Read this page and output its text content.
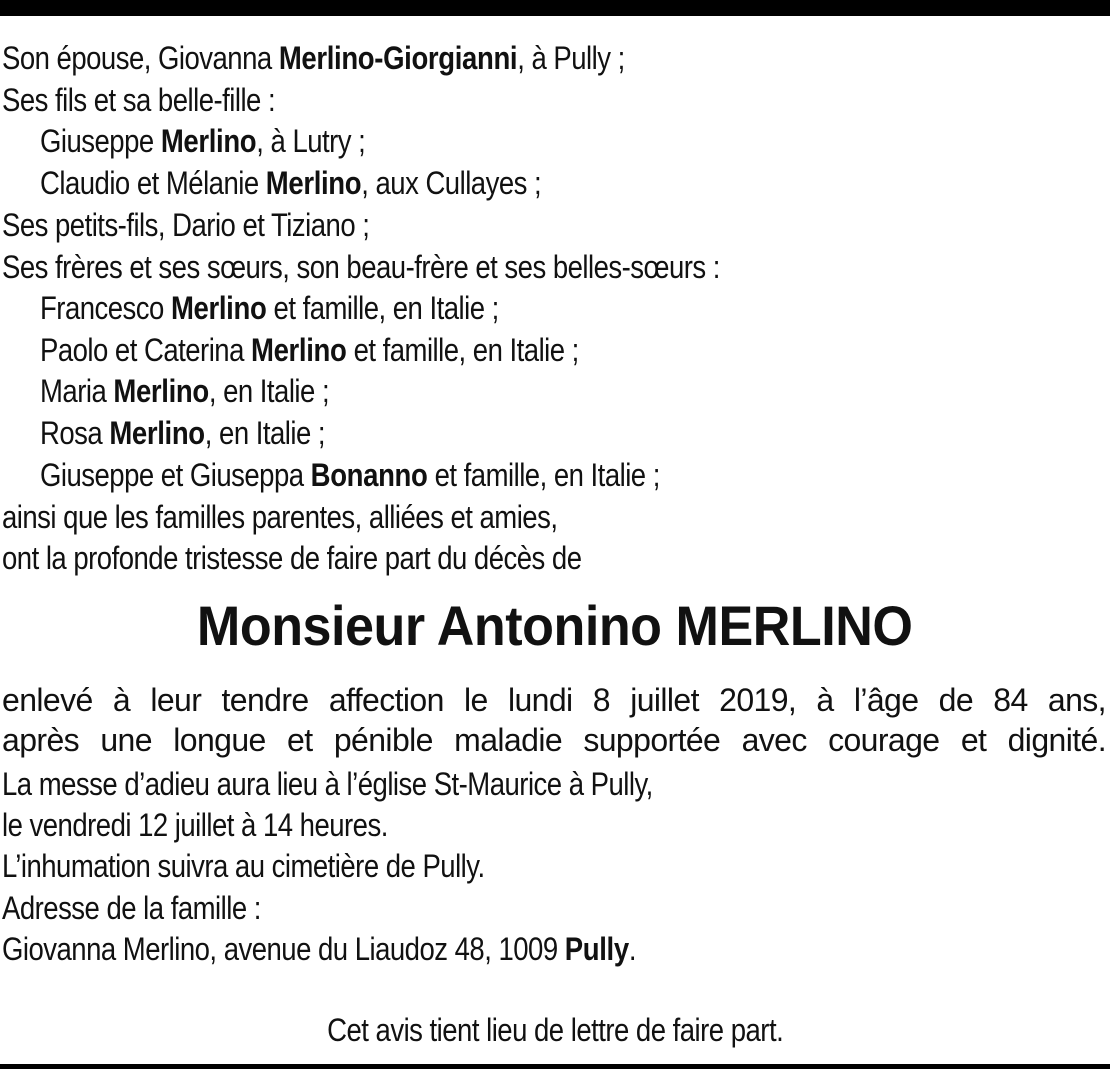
Son épouse, Giovanna Merlino-Giorgianni, à Pully ;
Ses fils et sa belle-fille :
Giuseppe Merlino, à Lutry ;
Claudio et Mélanie Merlino, aux Cullayes ;
Ses petits-fils, Dario et Tiziano ;
Ses frères et ses sœurs, son beau-frère et ses belles-sœurs :
Francesco Merlino et famille, en Italie ;
Paolo et Caterina Merlino et famille, en Italie ;
Maria Merlino, en Italie ;
Rosa Merlino, en Italie ;
Giuseppe et Giuseppa Bonanno et famille, en Italie ;
ainsi que les familles parentes, alliées et amies,
ont la profonde tristesse de faire part du décès de
Monsieur Antonino MERLINO
enlevé à leur tendre affection le lundi 8 juillet 2019, à l’âge de 84 ans,
après une longue et pénible maladie supportée avec courage et dignité.
La messe d’adieu aura lieu à l’église St-Maurice à Pully,
le vendredi 12 juillet à 14 heures.
L’inhumation suivra au cimetière de Pully.
Adresse de la famille :
Giovanna Merlino, avenue du Liaudoz 48, 1009 Pully.
Cet avis tient lieu de lettre de faire part.
